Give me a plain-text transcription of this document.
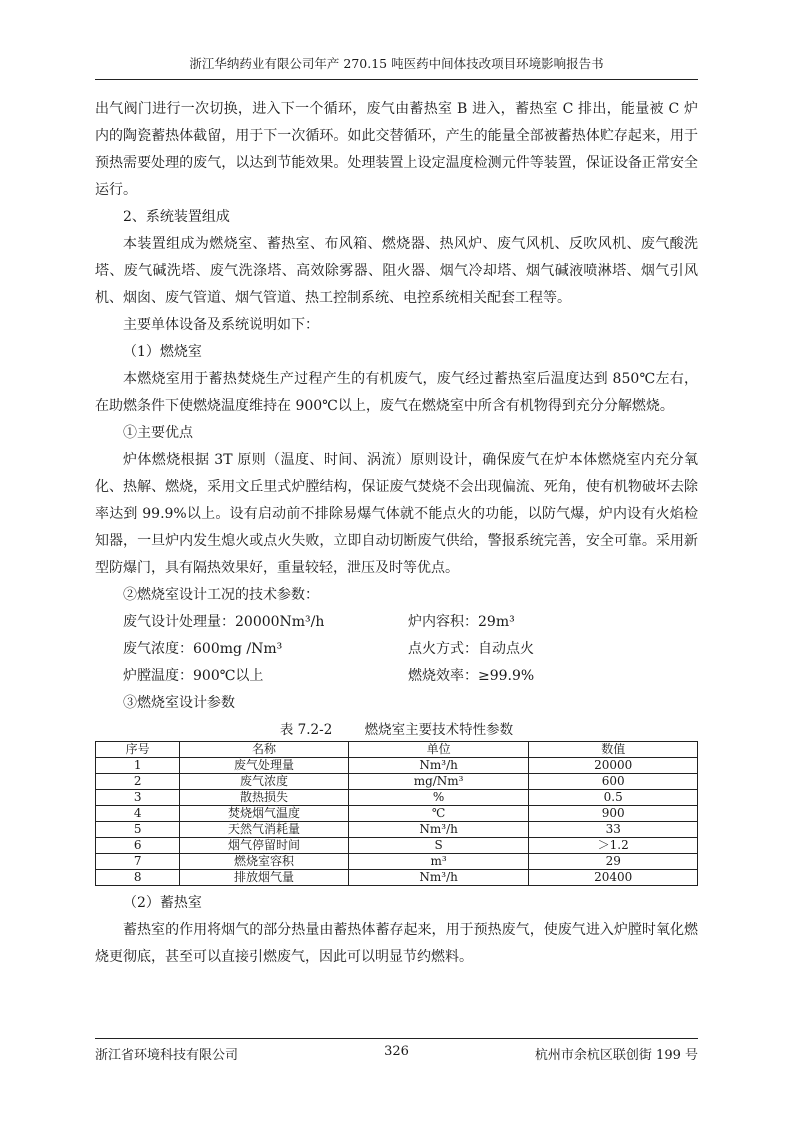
浙江华纳药业有限公司年产 270.15 吨医药中间体技改项目环境影响报告书

出气阀门进行一次切换，进入下一个循环，废气由蓄热室 B 进入，蓄热室 C 排出，能量被 C 炉内的陶瓷蓄热体截留，用于下一次循环。如此交替循环，产生的能量全部被蓄热体贮存起来，用于预热需要处理的废气，以达到节能效果。处理装置上设定温度检测元件等装置，保证设备正常安全运行。

2、系统装置组成

本装置组成为燃烧室、蓄热室、布风箱、燃烧器、热风炉、废气风机、反吹风机、废气酸洗塔、废气碱洗塔、废气洗涤塔、高效除雾器、阻火器、烟气冷却塔、烟气碱液喷淋塔、烟气引风机、烟囱、废气管道、烟气管道、热工控制系统、电控系统相关配套工程等。

主要单体设备及系统说明如下：

（1）燃烧室

本燃烧室用于蓄热焚烧生产过程产生的有机废气，废气经过蓄热室后温度达到 850℃左右，在助燃条件下使燃烧温度维持在 900℃以上，废气在燃烧室中所含有机物得到充分分解燃烧。

①主要优点

炉体燃烧根据 3T 原则（温度、时间、涡流）原则设计，确保废气在炉本体燃烧室内充分氧化、热解、燃烧，采用文丘里式炉膛结构，保证废气焚烧不会出现偏流、死角，使有机物破坏去除率达到 99.9%以上。设有启动前不排除易爆气体就不能点火的功能，以防气爆，炉内设有火焰检知器，一旦炉内发生熄火或点火失败，立即自动切断废气供给，警报系统完善，安全可靠。采用新型防爆门，具有隔热效果好，重量较轻，泄压及时等优点。

②燃烧室设计工况的技术参数：

废气设计处理量：20000Nm³/h	炉内容积：29m³
废气浓度：600mg /Nm³	点火方式：自动点火
炉膛温度：900℃以上	燃烧效率：≥99.9%

③燃烧室设计参数

表 7.2-2 燃烧室主要技术特性参数
序号	名称	单位	数值
1	废气处理量	Nm³/h	20000
2	废气浓度	mg/Nm³	600
3	散热损失	%	0.5
4	焚烧烟气温度	℃	900
5	天然气消耗量	Nm³/h	33
6	烟气停留时间	S	＞1.2
7	燃烧室容积	m³	29
8	排放烟气量	Nm³/h	20400

（2）蓄热室

蓄热室的作用将烟气的部分热量由蓄热体蓄存起来，用于预热废气，使废气进入炉膛时氧化燃烧更彻底，甚至可以直接引燃废气，因此可以明显节约燃料。

浙江省环境科技有限公司	326	杭州市余杭区联创街 199 号
